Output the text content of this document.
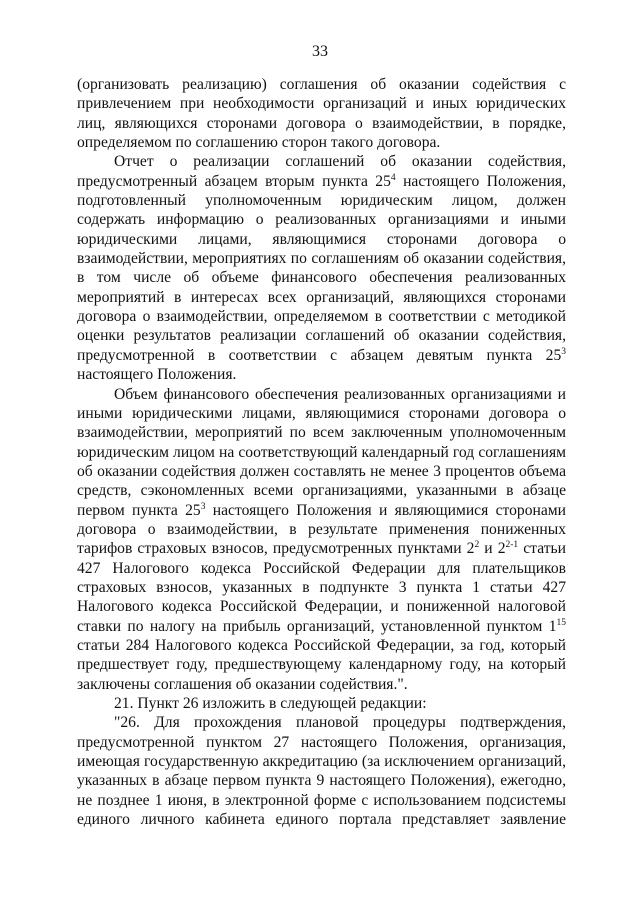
33

(организовать реализацию) соглашения об оказании содействия с привлечением при необходимости организаций и иных юридических лиц, являющихся сторонами договора о взаимодействии, в порядке, определяемом по соглашению сторон такого договора.

Отчет о реализации соглашений об оказании содействия, предусмотренный абзацем вторым пункта $25^4$ настоящего Положения, подготовленный уполномоченным юридическим лицом, должен содержать информацию о реализованных организациями и иными юридическими лицами, являющимися сторонами договора о взаимодействии, мероприятиях по соглашениям об оказании содействия, в том числе об объеме финансового обеспечения реализованных мероприятий в интересах всех организаций, являющихся сторонами договора о взаимодействии, определяемом в соответствии с методикой оценки результатов реализации соглашений об оказании содействия, предусмотренной в соответствии с абзацем девятым пункта $25^3$ настоящего Положения.

Объем финансового обеспечения реализованных организациями и иными юридическими лицами, являющимися сторонами договора о взаимодействии, мероприятий по всем заключенным уполномоченным юридическим лицом на соответствующий календарный год соглашениям об оказании содействия должен составлять не менее 3 процентов объема средств, сэкономленных всеми организациями, указанными в абзаце первом пункта $25^3$ настоящего Положения и являющимися сторонами договора о взаимодействии, в результате применения пониженных тарифов страховых взносов, предусмотренных пунктами $2^2$ и 2$^{2-1}$ статьи 427 Налогового кодекса Российской Федерации для плательщиков страховых взносов, указанных в подпункте 3 пункта 1 статьи 427 Налогового кодекса Российской Федерации, и пониженной налоговой ставки по налогу на прибыль организаций, установленной пунктом $1^{15}$ статьи 284 Налогового кодекса Российской Федерации, за год, который предшествует году, предшествующему календарному году, на который заключены соглашения об оказании содействия.".

21. Пункт 26 изложить в следующей редакции:

"26. Для прохождения плановой процедуры подтверждения, предусмотренной пунктом 27 настоящего Положения, организация, имеющая государственную аккредитацию (за исключением организаций, указанных в абзаце первом пункта 9 настоящего Положения), ежегодно, не позднее 1 июня, в электронной форме с использованием подсистемы единого личного кабинета единого портала представляет заявление
